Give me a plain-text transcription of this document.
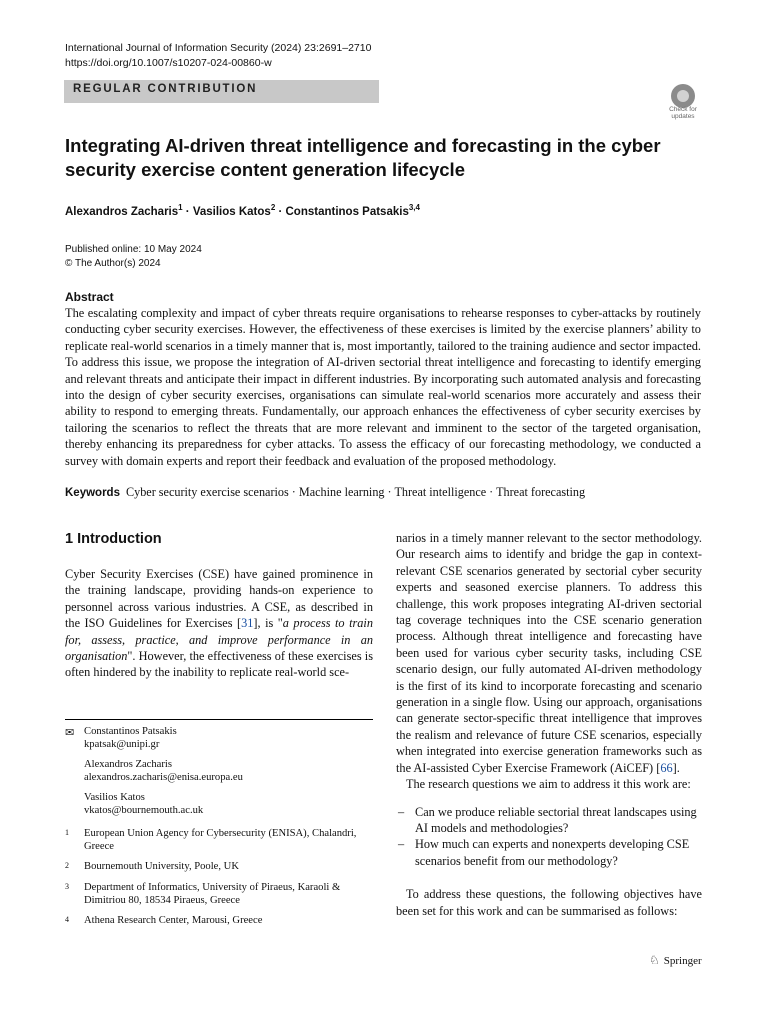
International Journal of Information Security (2024) 23:2691–2710
https://doi.org/10.1007/s10207-024-00860-w
REGULAR CONTRIBUTION
Check for
updates
Integrating AI-driven threat intelligence and forecasting in the cyber security exercise content generation lifecycle
Alexandros Zacharis$^1$ · Vasilios Katos$^2$ · Constantinos Patsakis$^{3,4}$
Published online: 10 May 2024
© The Author(s) 2024
Abstract
The escalating complexity and impact of cyber threats require organisations to rehearse responses to cyber-attacks by routinely conducting cyber security exercises. However, the effectiveness of these exercises is limited by the exercise planners’ ability to replicate real-world scenarios in a timely manner that is, most importantly, tailored to the training audience and sector impacted. To address this issue, we propose the integration of AI-driven sectorial threat intelligence and forecasting to identify emerging and relevant threats and anticipate their impact in different industries. By incorporating such automated analysis and forecasting into the design of cyber security exercises, organisations can simulate real-world scenarios more accurately and assess their ability to respond to emerging threats. Fundamentally, our approach enhances the effectiveness of cyber security exercises by tailoring the scenarios to reflect the threats that are more relevant and imminent to the sector of the targeted organisation, thereby enhancing its preparedness for cyber attacks. To assess the efficacy of our forecasting methodology, we conducted a survey with domain experts and report their feedback and evaluation of the proposed methodology.
Keywords Cyber security exercise scenarios · Machine learning · Threat intelligence · Threat forecasting
1 Introduction
Cyber Security Exercises (CSE) have gained prominence in the training landscape, providing hands-on experience to personnel across various industries. A CSE, as described in the ISO Guidelines for Exercises [31], is "a process to train for, assess, practice, and improve performance in an organisation". However, the effectiveness of these exercises is often hindered by the inability to replicate real-world sce-
✉ Constantinos Patsakis
kpatsak@unipi.gr
Alexandros Zacharis
alexandros.zacharis@enisa.europa.eu
Vasilios Katos
vkatos@bournemouth.ac.uk
1 European Union Agency for Cybersecurity (ENISA), Chalandri, Greece
2 Bournemouth University, Poole, UK
3 Department of Informatics, University of Piraeus, Karaoli & Dimitriou 80, 18534 Piraeus, Greece
4 Athena Research Center, Marousi, Greece

narios in a timely manner relevant to the sector methodology. Our research aims to identify and bridge the gap in context-relevant CSE scenarios generated by sectorial cyber security experts and seasoned exercise planners. To address this challenge, this work proposes integrating AI-driven sectorial tag coverage techniques into the CSE scenario generation process. Although threat intelligence and forecasting have been used for various cyber security tasks, including CSE scenario design, our fully automated AI-driven methodology is the first of its kind to incorporate forecasting and scenario generation in a single flow. Using our approach, organisations can generate sector-specific threat intelligence that improves the realism and relevance of future CSE scenarios, especially when integrated into exercise generation frameworks such as the AI-assisted Cyber Exercise Framework (AiCEF) [66].

The research questions we aim to address it this work are:

– Can we produce reliable sectorial threat landscapes using AI models and methodologies?
– How much can experts and nonexperts developing CSE scenarios benefit from our methodology?

To address these questions, the following objectives have been set for this work and can be summarised as follows:

♘ Springer
